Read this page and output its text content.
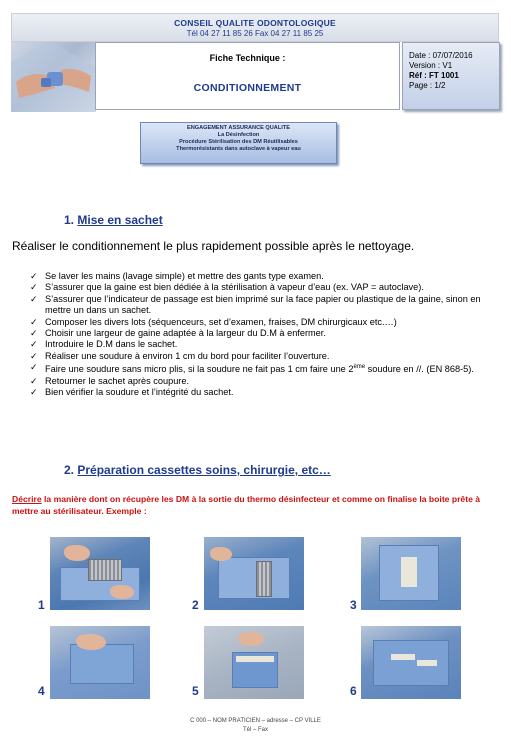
CONSEIL QUALITE ODONTOLOGIQUE
Tél 04 27 11 85 26 Fax 04 27 11 85 25
Fiche Technique :
CONDITIONNEMENT
Date : 07/07/2016
Version : V1
Réf : FT 1001
Page : 1/2
ENGAGEMENT ASSURANCE QUALITE
La Désinfection
Procédure Stérilisation des DM Réutilisables
Thermorésistants dans autoclave à vapeur eau
1. Mise en sachet
Réaliser le conditionnement le plus rapidement possible après le nettoyage.
✓ Se laver les mains (lavage simple) et mettre des gants type examen.
✓ S’assurer que la gaine est bien dédiée à la stérilisation à vapeur d’eau (ex. VAP = autoclave).
✓ S’assurer que l’indicateur de passage est bien imprimé sur la face papier ou plastique de la gaine, sinon en mettre un dans un sachet.
✓ Composer les divers lots (séquenceurs, set d’examen, fraises, DM chirurgicaux etc.…)
✓ Choisir une largeur de gaine adaptée à la largeur du D.M à enfermer.
✓ Introduire le D.M dans le sachet.
✓ Réaliser une soudure à environ 1 cm du bord pour faciliter l’ouverture.
✓ Faire une soudure sans micro plis, si la soudure ne fait pas 1 cm faire une 2ème soudure en //. (EN 868-5).
✓ Retourner le sachet après coupure.
✓ Bien vérifier la soudure et l’intégrité du sachet.
2. Préparation cassettes soins, chirurgie, etc…
Décrire la manière dont on récupère les DM à la sortie du thermo désinfecteur et comme on finalise la boite prête à mettre au stérilisateur. Exemple :
1	2	3
4	5	6
C 000 – NOM PRATICIEN – adresse – CP VILLE
Tél – Fax
